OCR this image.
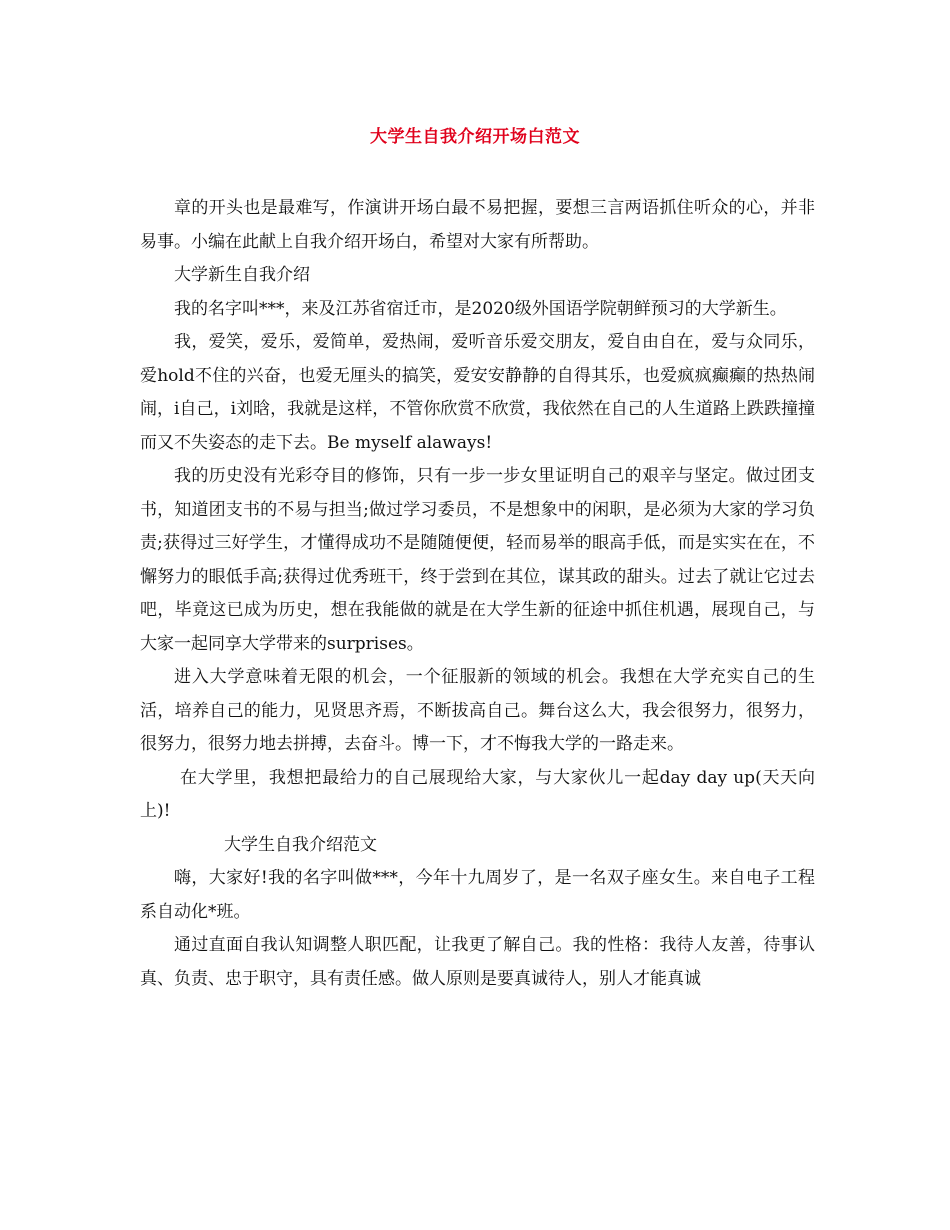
大学生自我介绍开场白范文

章的开头也是最难写，作演讲开场白最不易把握，要想三言两语抓住听众的心，并非易事。小编在此献上自我介绍开场白，希望对大家有所帮助。

大学新生自我介绍

我的名字叫***，来及江苏省宿迁市，是2020级外国语学院朝鲜预习的大学新生。

我，爱笑，爱乐，爱简单，爱热闹，爱听音乐爱交朋友，爱自由自在，爱与众同乐，爱hold不住的兴奋，也爱无厘头的搞笑，爱安安静静的自得其乐，也爱疯疯癫癫的热热闹闹，i自己，i刘晗，我就是这样，不管你欣赏不欣赏，我依然在自己的人生道路上跌跌撞撞而又不失姿态的走下去。Be myself alaways!

我的历史没有光彩夺目的修饰，只有一步一步女里证明自己的艰辛与坚定。做过团支书，知道团支书的不易与担当;做过学习委员，不是想象中的闲职，是必须为大家的学习负责;获得过三好学生，才懂得成功不是随随便便，轻而易举的眼高手低，而是实实在在，不懈努力的眼低手高;获得过优秀班干，终于尝到在其位，谋其政的甜头。过去了就让它过去吧，毕竟这已成为历史，想在我能做的就是在大学生新的征途中抓住机遇，展现自己，与大家一起同享大学带来的surprises。

进入大学意味着无限的机会，一个征服新的领域的机会。我想在大学充实自己的生活，培养自己的能力，见贤思齐焉，不断拔高自己。舞台这么大，我会很努力，很努力，很努力，很努力地去拼搏，去奋斗。博一下，才不悔我大学的一路走来。

在大学里，我想把最给力的自己展现给大家，与大家伙儿一起day day up(天天向上)!

大学生自我介绍范文

嗨，大家好!我的名字叫做***，今年十九周岁了，是一名双子座女生。来自电子工程系自动化*班。

通过直面自我认知调整人职匹配，让我更了解自己。我的性格：我待人友善，待事认真、负责、忠于职守，具有责任感。做人原则是要真诚待人，别人才能真诚
